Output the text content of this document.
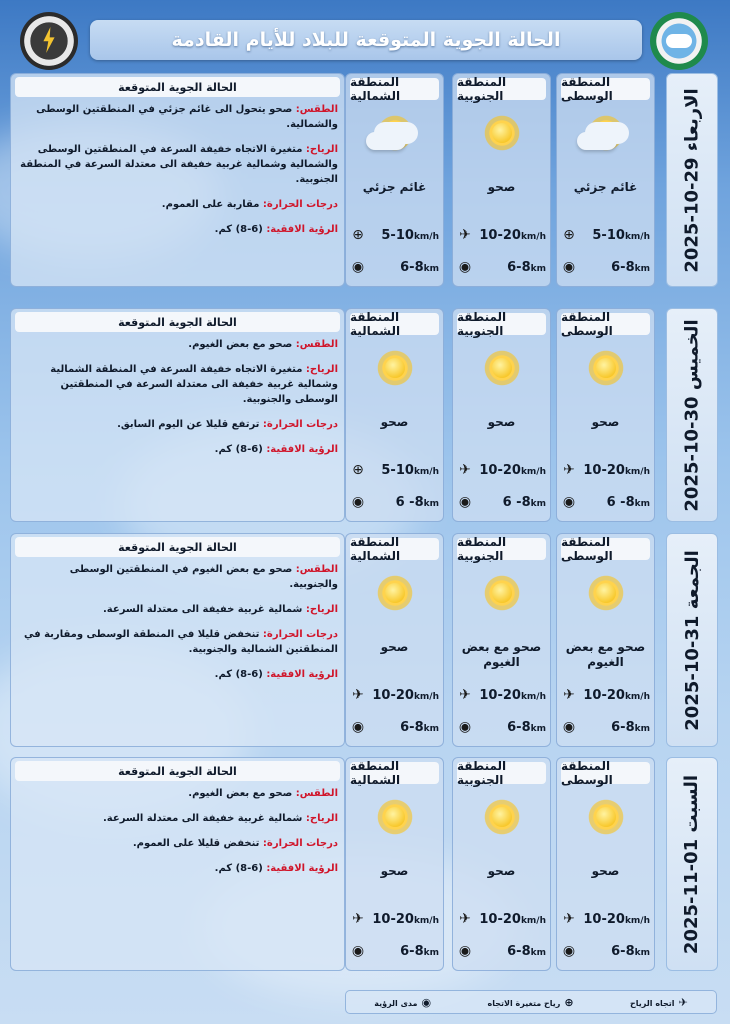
الحالة الجوية المتوقعة للبلاد للأيام القادمة
الاربعاء 29-10-2025
المنطقة الوسطى
غائم جزئي
⊕ 5-10km/h
◉	6-8km
المنطقة الجنوبية
صحو
✈ 10-20km/h
◉	6-8km
المنطقة الشمالية
غائم جزئي
⊕ 5-10km/h
◉	6-8km
الحالة الجوية المتوقعة

الطقس: صحو يتحول الى غائم جزئي في المنطقتين الوسطى والشمالية.

الرياح: متغيرة الاتجاه خفيفة السرعة في المنطقتين الوسطى والشمالية وشمالية غربية خفيفة الى معتدلة السرعة في المنطقة الجنوبية.

درجات الحرارة: مقاربة على العموم.

الرؤية الافقية: (6-8) كم.

الخميس 30-10-2025
المنطقة الوسطى
صحو
✈ 10-20km/h
◉ 6 -8km
المنطقة الجنوبية
صحو
✈ 10-20km/h
◉ 6 -8km
المنطقة الشمالية
صحو
⊕ 5-10km/h
◉ 6 -8km
الحالة الجوية المتوقعة

الطقس: صحو مع بعض الغيوم.

الرياح: متغيرة الاتجاه خفيفة السرعة في المنطقة الشمالية وشمالية غربية خفيفة الى معتدلة السرعة في المنطقتين الوسطى والجنوبية.

درجات الحرارة: ترتفع قليلا عن اليوم السابق.

الرؤية الافقية: (6-8) كم.

الجمعة 31-10-2025
المنطقة الوسطى
صحو مع بعض الغيوم
✈ 10-20km/h
◉	6-8km
المنطقة الجنوبية
صحو مع بعض الغيوم
✈ 10-20km/h
◉	6-8km
المنطقة الشمالية
صحو
✈ 10-20km/h
◉	6-8km
الحالة الجوية المتوقعة

الطقس: صحو مع بعض الغيوم في المنطقتين الوسطى والجنوبية.

الرياح: شمالية غربية خفيفة الى معتدلة السرعة.

درجات الحرارة: تنخفض قليلا في المنطقة الوسطى ومقاربة في المنطقتين الشمالية والجنوبية.

الرؤية الافقية: (6-8) كم.

السبت 01-11-2025
المنطقة الوسطى
صحو
✈ 10-20km/h
◉	6-8km
المنطقة الجنوبية
صحو
✈ 10-20km/h
◉	6-8km
المنطقة الشمالية
صحو
✈ 10-20km/h
◉	6-8km
الحالة الجوية المتوقعة

الطقس: صحو مع بعض الغيوم.

الرياح: شمالية غربية خفيفة الى معتدلة السرعة.

درجات الحرارة: تنخفض قليلا على العموم.

الرؤية الافقية: (6-8) كم.

✈اتجاه الرياح
⊕رياح متغيرة الاتجاه
◉مدى الرؤية
